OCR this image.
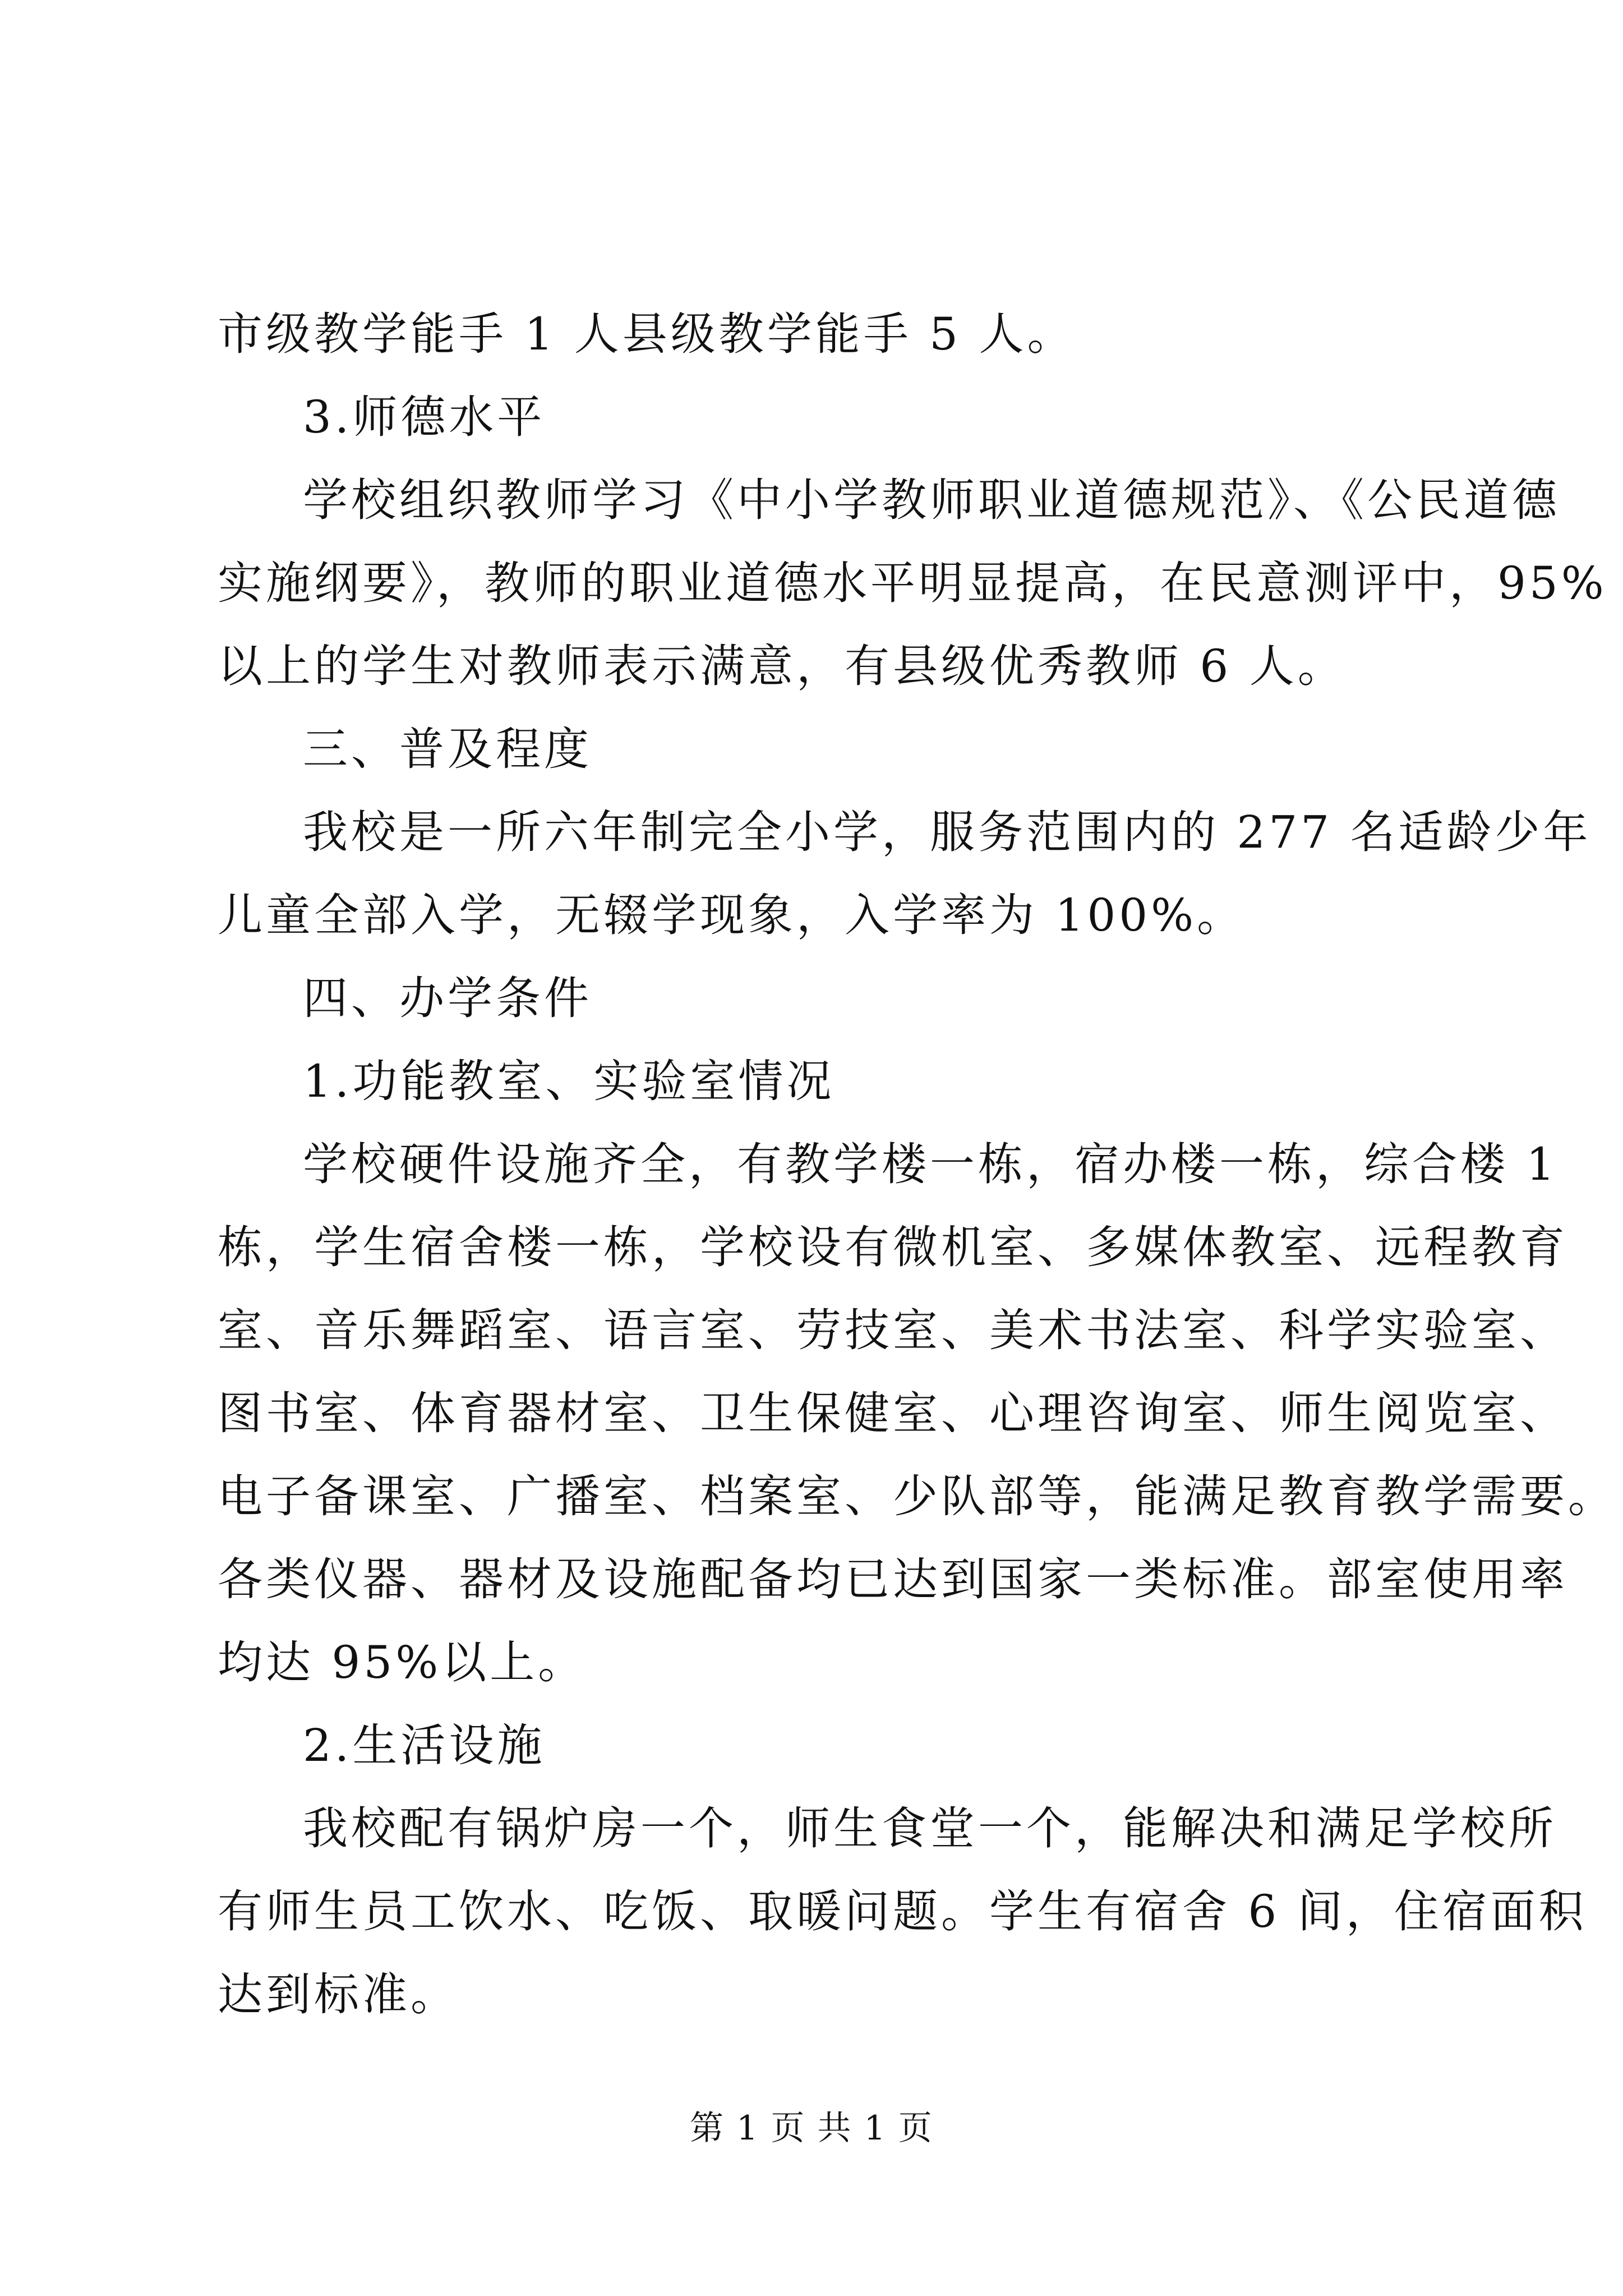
市级教学能手 1 人县级教学能手 5 人。
3.师德水平
学校组织教师学习《中小学教师职业道德规范》、《公民道德
实施纲要》，教师的职业道德水平明显提高，在民意测评中，95%
以上的学生对教师表示满意，有县级优秀教师 6 人。
三、普及程度
我校是一所六年制完全小学，服务范围内的 277 名适龄少年
儿童全部入学，无辍学现象，入学率为 100%。
四、办学条件
1.功能教室、实验室情况
学校硬件设施齐全，有教学楼一栋，宿办楼一栋，综合楼 1
栋，学生宿舍楼一栋，学校设有微机室、多媒体教室、远程教育
室、音乐舞蹈室、语言室、劳技室、美术书法室、科学实验室、
图书室、体育器材室、卫生保健室、心理咨询室、师生阅览室、
电子备课室、广播室、档案室、少队部等，能满足教育教学需要。
各类仪器、器材及设施配备均已达到国家一类标准。部室使用率
均达 95%以上。
2.生活设施
我校配有锅炉房一个，师生食堂一个，能解决和满足学校所
有师生员工饮水、吃饭、取暖问题。学生有宿舍 6 间，住宿面积
达到标准。
第 1 页 共 1 页
